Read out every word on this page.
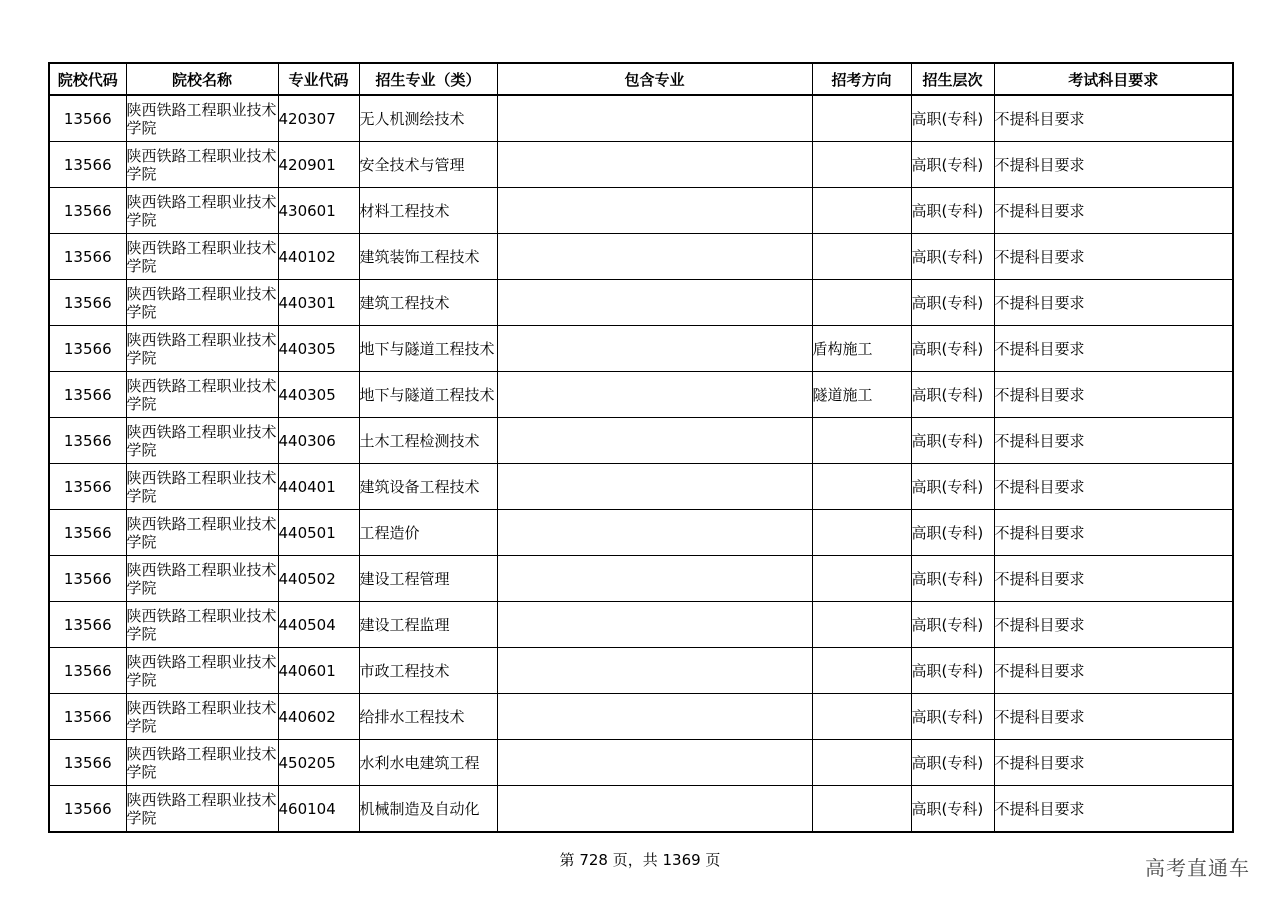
院校代码	院校名称	专业代码	招生专业（类）	包含专业	招考方向	招生层次	考试科目要求
13566	陕西铁路工程职业技术学院	420307	无人机测绘技术			高职(专科)	不提科目要求
13566	陕西铁路工程职业技术学院	420901	安全技术与管理			高职(专科)	不提科目要求
13566	陕西铁路工程职业技术学院	430601	材料工程技术			高职(专科)	不提科目要求
13566	陕西铁路工程职业技术学院	440102	建筑装饰工程技术			高职(专科)	不提科目要求
13566	陕西铁路工程职业技术学院	440301	建筑工程技术			高职(专科)	不提科目要求
13566	陕西铁路工程职业技术学院	440305	地下与隧道工程技术		盾构施工	高职(专科)	不提科目要求
13566	陕西铁路工程职业技术学院	440305	地下与隧道工程技术		隧道施工	高职(专科)	不提科目要求
13566	陕西铁路工程职业技术学院	440306	土木工程检测技术			高职(专科)	不提科目要求
13566	陕西铁路工程职业技术学院	440401	建筑设备工程技术			高职(专科)	不提科目要求
13566	陕西铁路工程职业技术学院	440501	工程造价			高职(专科)	不提科目要求
13566	陕西铁路工程职业技术学院	440502	建设工程管理			高职(专科)	不提科目要求
13566	陕西铁路工程职业技术学院	440504	建设工程监理			高职(专科)	不提科目要求
13566	陕西铁路工程职业技术学院	440601	市政工程技术			高职(专科)	不提科目要求
13566	陕西铁路工程职业技术学院	440602	给排水工程技术			高职(专科)	不提科目要求
13566	陕西铁路工程职业技术学院	450205	水利水电建筑工程			高职(专科)	不提科目要求
13566	陕西铁路工程职业技术学院	460104	机械制造及自动化			高职(专科)	不提科目要求
第 728 页，共 1369 页	高考直通车
